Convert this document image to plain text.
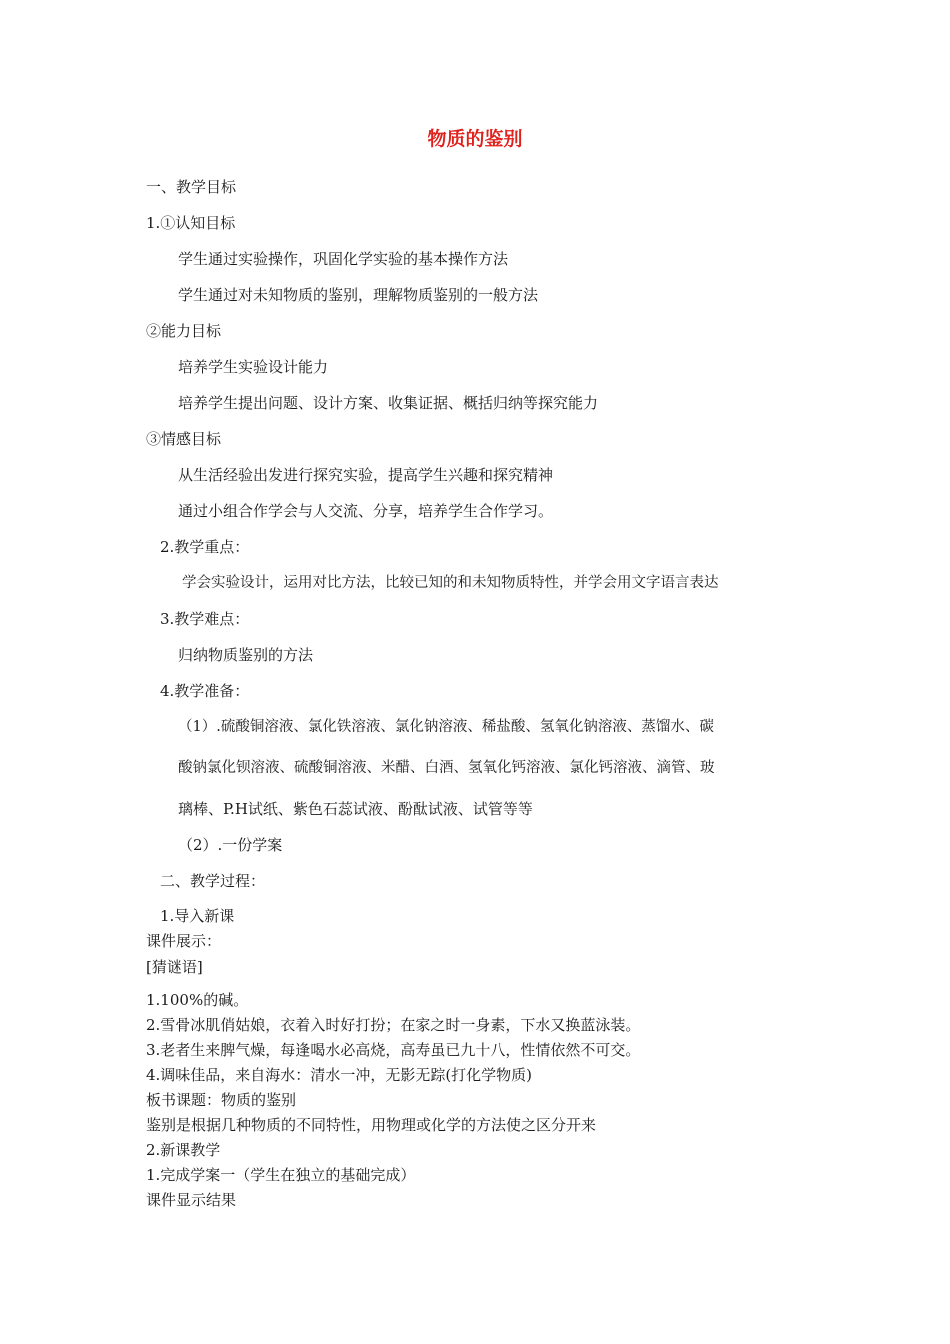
物质的鉴别
一、教学目标
1.①认知目标
学生通过实验操作，巩固化学实验的基本操作方法
学生通过对未知物质的鉴别，理解物质鉴别的一般方法
②能力目标
培养学生实验设计能力
培养学生提出问题、设计方案、收集证据、概括归纳等探究能力
③情感目标
从生活经验出发进行探究实验，提高学生兴趣和探究精神
通过小组合作学会与人交流、分享，培养学生合作学习。
2.教学重点：
学会实验设计，运用对比方法，比较已知的和未知物质特性，并学会用文字语言表达
3.教学难点：
归纳物质鉴别的方法
4.教学准备：
（1）.硫酸铜溶液、氯化铁溶液、氯化钠溶液、稀盐酸、氢氧化钠溶液、蒸馏水、碳
酸钠氯化钡溶液、硫酸铜溶液、米醋、白酒、氢氧化钙溶液、氯化钙溶液、滴管、玻
璃棒、P.H试纸、紫色石蕊试液、酚酞试液、试管等等
（2）.一份学案
二、教学过程：
1.导入新课
课件展示：
[猜谜语]
1.100%的碱。
2.雪骨冰肌俏姑娘，衣着入时好打扮；在家之时一身素，下水又换蓝泳装。
3.老者生来脾气燥，每逢喝水必高烧，高寿虽已九十八，性情依然不可交。
4.调味佳品，来自海水：清水一冲，无影无踪(打化学物质)
板书课题：物质的鉴别
鉴别是根据几种物质的不同特性，用物理或化学的方法使之区分开来
2.新课教学
1.完成学案一（学生在独立的基础完成）
课件显示结果
